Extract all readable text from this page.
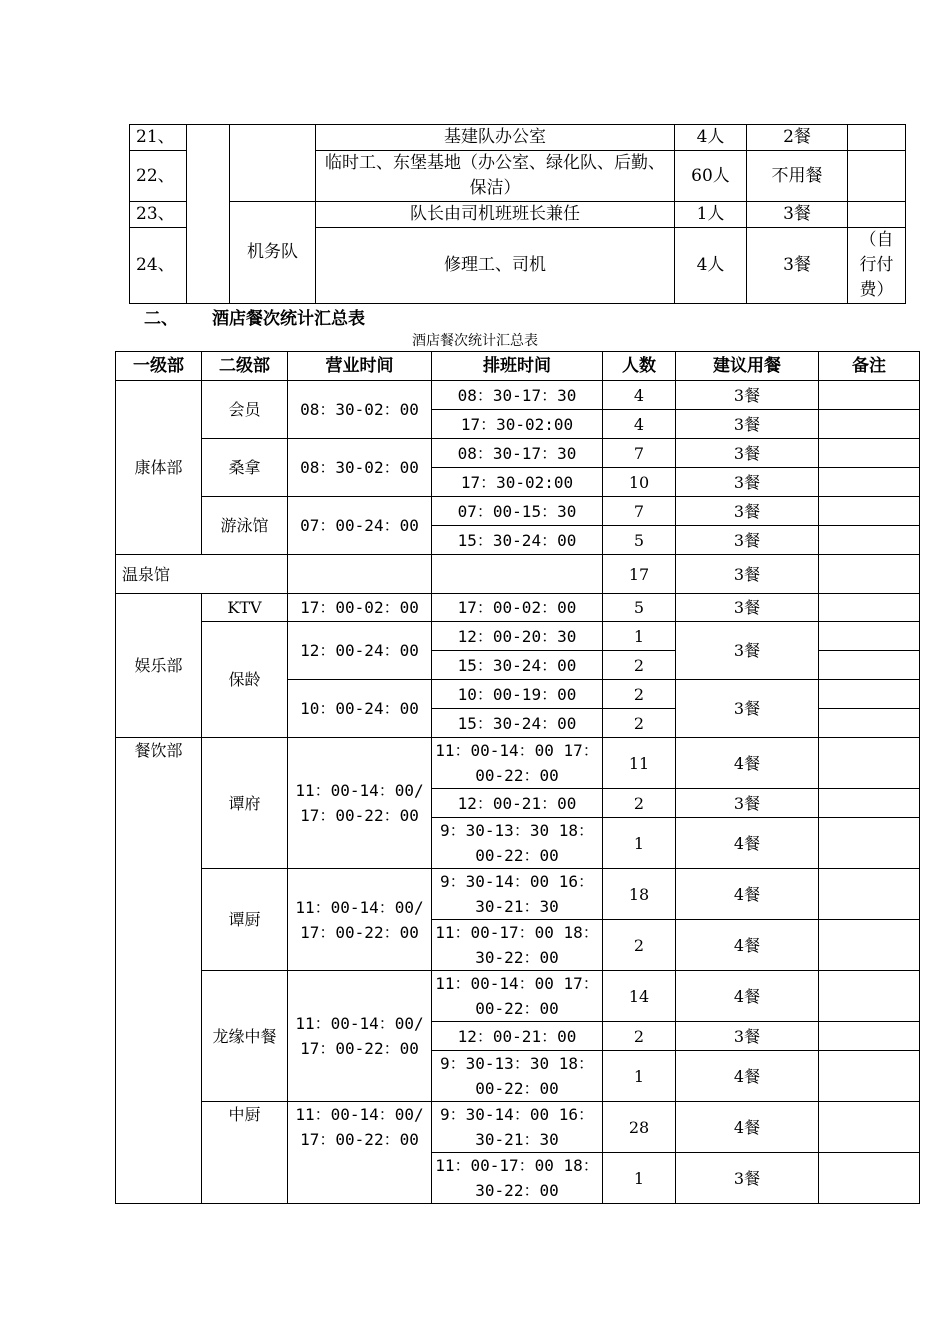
21、			基建队办公室	4人	2餐	
22、			临时工、东堡基地（办公室、绿化队、后勤、保洁）	60人	不用餐	
23、		机务队	队长由司机班班长兼任	1人	3餐	
24、			修理工、司机	4人	3餐	（自行付费）
二、 酒店餐次统计汇总表
酒店餐次统计汇总表
一级部	二级部	营业时间	排班时间	人数	建议用餐	备注
康体部	会员	08：30-02：00	08：30-17：30	4	3餐	
			17：30-02:00	4	3餐	
	桑拿	08：30-02：00	08：30-17：30	7	3餐	
			17：30-02:00	10	3餐	
	游泳馆	07：00-24：00	07：00-15：30	7	3餐	
			15：30-24：00	5	3餐	
温泉馆				17	3餐	
娱乐部	KTV	17：00-02：00	17：00-02：00	5	3餐	
	保龄	12：00-24：00	12：00-20：30	1	3餐	
			15：30-24：00	2		
		10：00-24：00	10：00-19：00	2	3餐	
			15：30-24：00	2		
餐饮部	谭府	11：00-14：00/ 17：00-22：00	11：00-14：00 17：00-22：00	11	4餐	
			12：00-21：00	2	3餐	
			9：30-13：30 18：00-22：00	1	4餐	
	谭厨	11：00-14：00/ 17：00-22：00	9：30-14：00 16：30-21：30	18	4餐	
			11：00-17：00 18：30-22：00	2	4餐	
	龙缘中餐	11：00-14：00/ 17：00-22：00	11：00-14：00 17：00-22：00	14	4餐	
			12：00-21：00	2	3餐	
			9：30-13：30 18：00-22：00	1	4餐	
	中厨	11：00-14：00/ 17：00-22：00	9：30-14：00 16：30-21：30	28	4餐	
			11：00-17：00 18：30-22：00	1	3餐	
